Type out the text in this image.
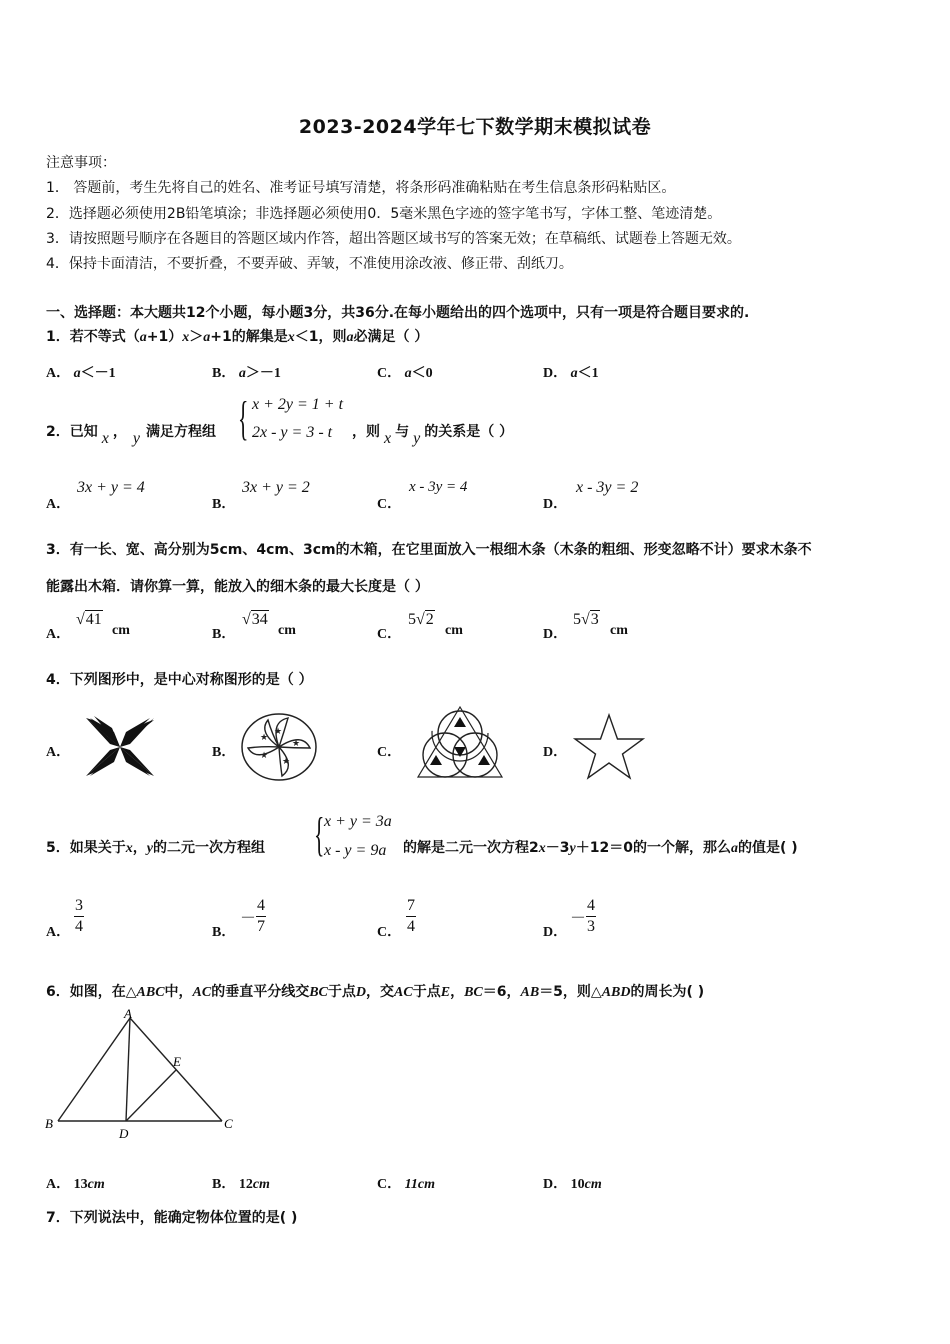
2023-2024学年七下数学期末模拟试卷
注意事项：
1． 答题前，考生先将自己的姓名、准考证号填写清楚，将条形码准确粘贴在考生信息条形码粘贴区。
2．选择题必须使用2B铅笔填涂；非选择题必须使用0．5毫米黑色字迹的签字笔书写，字体工整、笔迹清楚。
3．请按照题号顺序在各题目的答题区域内作答，超出答题区域书写的答案无效；在草稿纸、试题卷上答题无效。
4．保持卡面清洁，不要折叠，不要弄破、弄皱，不准使用涂改液、修正带、刮纸刀。
一、选择题：本大题共12个小题，每小题3分，共36分.在每小题给出的四个选项中，只有一项是符合题目要求的.
1．若不等式（a+1）x＞a+1的解集是x＜1，则a必满足（ ）
A． a＜－1	B． a＞－1	C． a＜0	D． a＜1
2．已知 x ， y 满足方程组 { x + 2y = 1 + t
2x - y = 3 - t ，则 x 与 y 的关系是（ ）
A．
3x + y = 4
B．
3x + y = 2
C．
x - 3y = 4
D．
x - 3y = 2
3．有一长、宽、高分别为5cm、4cm、3cm的木箱，在它里面放入一根细木条（木条的粗细、形变忽略不计）要求木条不
能露出木箱．请你算一算，能放入的细木条的最大长度是（ ）
A．
√41
cm	B．
√34
cm	C．
5√2
cm	D．
5√3
cm
4．下列图形中，是中心对称图形的是（ ）
A．	B．
★
★
★
★
★
C．	D．
5．如果关于x，y的二元一次方程组 { x + y = 3a
x - y = 9a 的解是二元一次方程2x－3y＋12＝0的一个解，那么a的值是( )
A． $\frac{3}{4}$	B．
－ $\frac{4}{7}$	C． $\frac{7}{4}$	D．
－ $\frac{4}{3}$
6．如图，在△ABC中，AC的垂直平分线交BC于点D，交AC于点E，BC＝6，AB＝5，则△ABD的周长为( )
A
B	C
D
E
A． 13cm	B． 12cm	C． 11cm	D． 10cm
7．下列说法中，能确定物体位置的是( )
